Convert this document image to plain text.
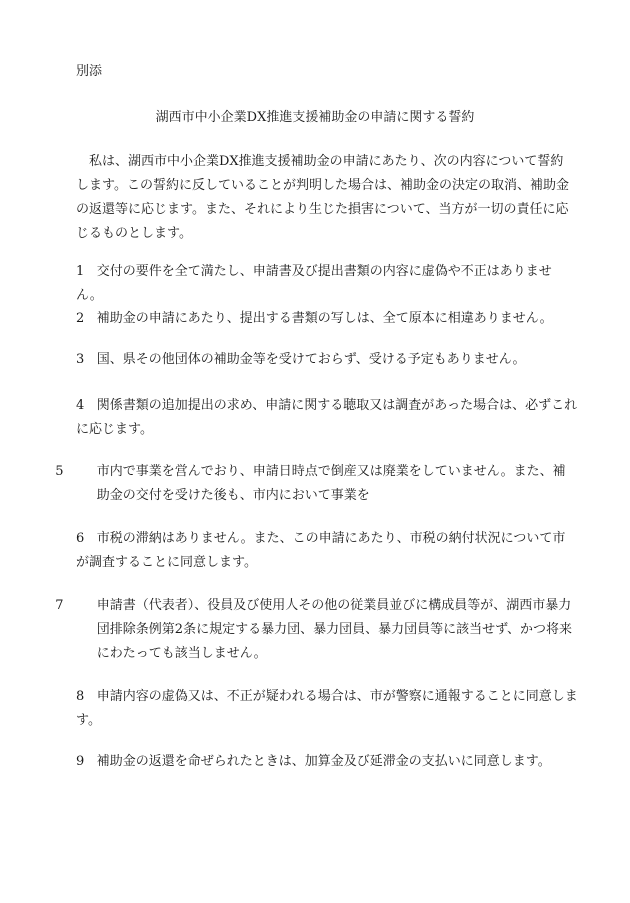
別添
湖西市中小企業DX推進支援補助金の申請に関する誓約
私は、湖西市中小企業DX推進支援補助金の申請にあたり、次の内容について誓約します。この誓約に反していることが判明した場合は、補助金の決定の取消、補助金の返還等に応じます。また、それにより生じた損害について、当方が一切の責任に応じるものとします。
1 交付の要件を全て満たし、申請書及び提出書類の内容に虚偽や不正はありません。
2 補助金の申請にあたり、提出する書類の写しは、全て原本に相違ありません。
3 国、県その他団体の補助金等を受けておらず、受ける予定もありません。
4 関係書類の追加提出の求め、申請に関する聴取又は調査があった場合は、必ずこれに応じます。
5	市内で事業を営んでおり、申請日時点で倒産又は廃業をしていません。また、補助金の交付を受けた後も、市内において事業を
6 市税の滞納はありません。また、この申請にあたり、市税の納付状況について市が調査することに同意します。
7	申請書（代表者）、役員及び使用人その他の従業員並びに構成員等が、湖西市暴力団排除条例第2条に規定する暴力団、暴力団員、暴力団員等に該当せず、かつ将来にわたっても該当しません。
8 申請内容の虚偽又は、不正が疑われる場合は、市が警察に通報することに同意します。
9 補助金の返還を命ぜられたときは、加算金及び延滞金の支払いに同意します。
